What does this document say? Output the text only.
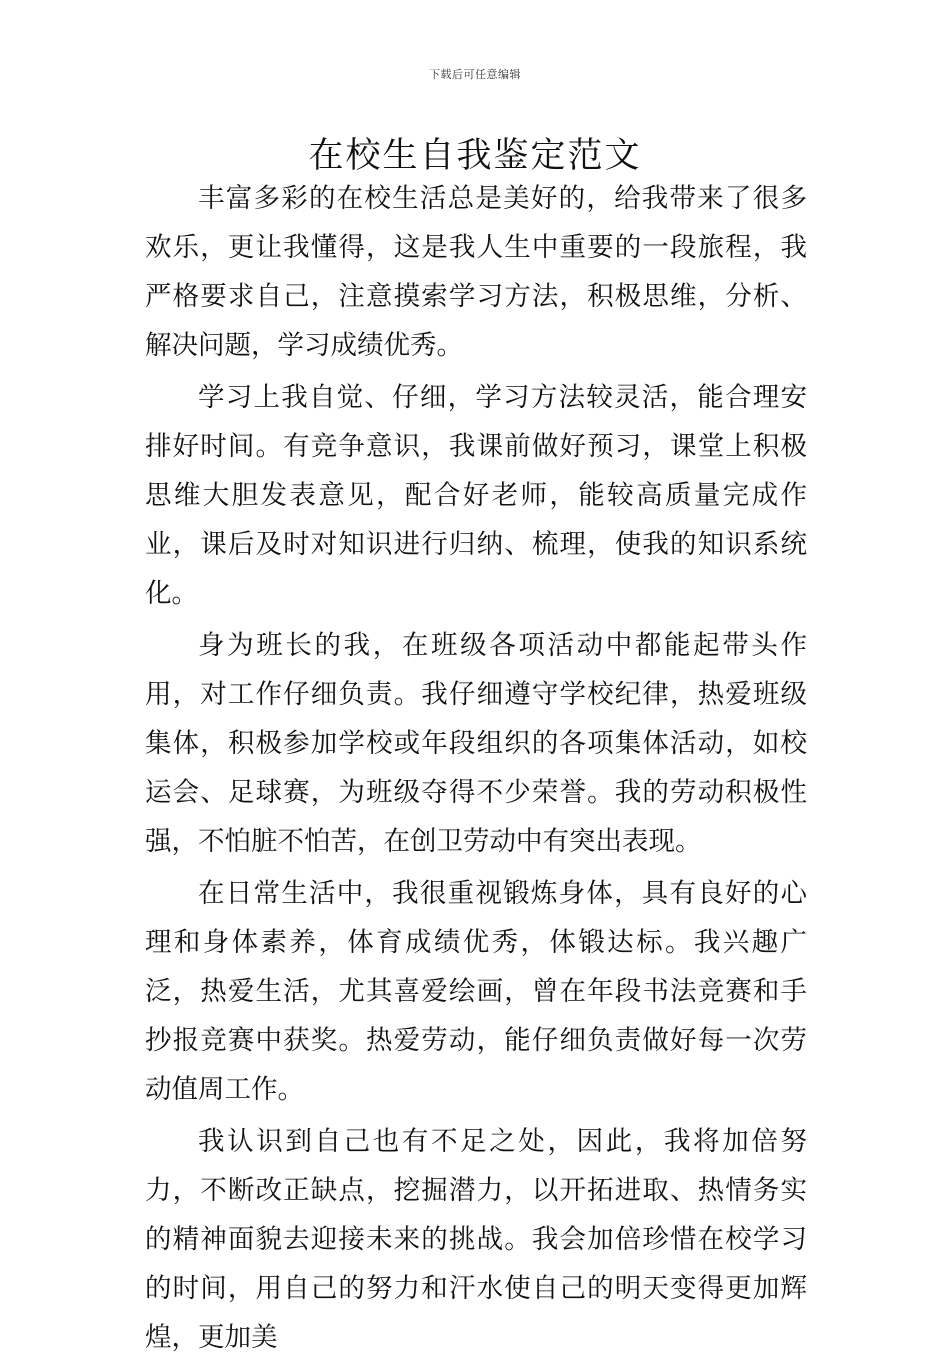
下载后可任意编辑
在校生自我鉴定范文

丰富多彩的在校生活总是美好的，给我带来了很多欢乐，更让我懂得，这是我人生中重要的一段旅程，我严格要求自己，注意摸索学习方法，积极思维，分析、解决问题，学习成绩优秀。

学习上我自觉、仔细，学习方法较灵活，能合理安排好时间。有竞争意识，我课前做好预习，课堂上积极思维大胆发表意见，配合好老师，能较高质量完成作业，课后及时对知识进行归纳、梳理，使我的知识系统化。

身为班长的我，在班级各项活动中都能起带头作用，对工作仔细负责。我仔细遵守学校纪律，热爱班级集体，积极参加学校或年段组织的各项集体活动，如校运会、足球赛，为班级夺得不少荣誉。我的劳动积极性强，不怕脏不怕苦，在创卫劳动中有突出表现。

在日常生活中，我很重视锻炼身体，具有良好的心理和身体素养，体育成绩优秀，体锻达标。我兴趣广泛，热爱生活，尤其喜爱绘画，曾在年段书法竞赛和手抄报竞赛中获奖。热爱劳动，能仔细负责做好每一次劳动值周工作。

我认识到自己也有不足之处，因此，我将加倍努力，不断改正缺点，挖掘潜力，以开拓进取、热情务实的精神面貌去迎接未来的挑战。我会加倍珍惜在校学习的时间，用自己的努力和汗水使自己的明天变得更加辉煌，更加美
